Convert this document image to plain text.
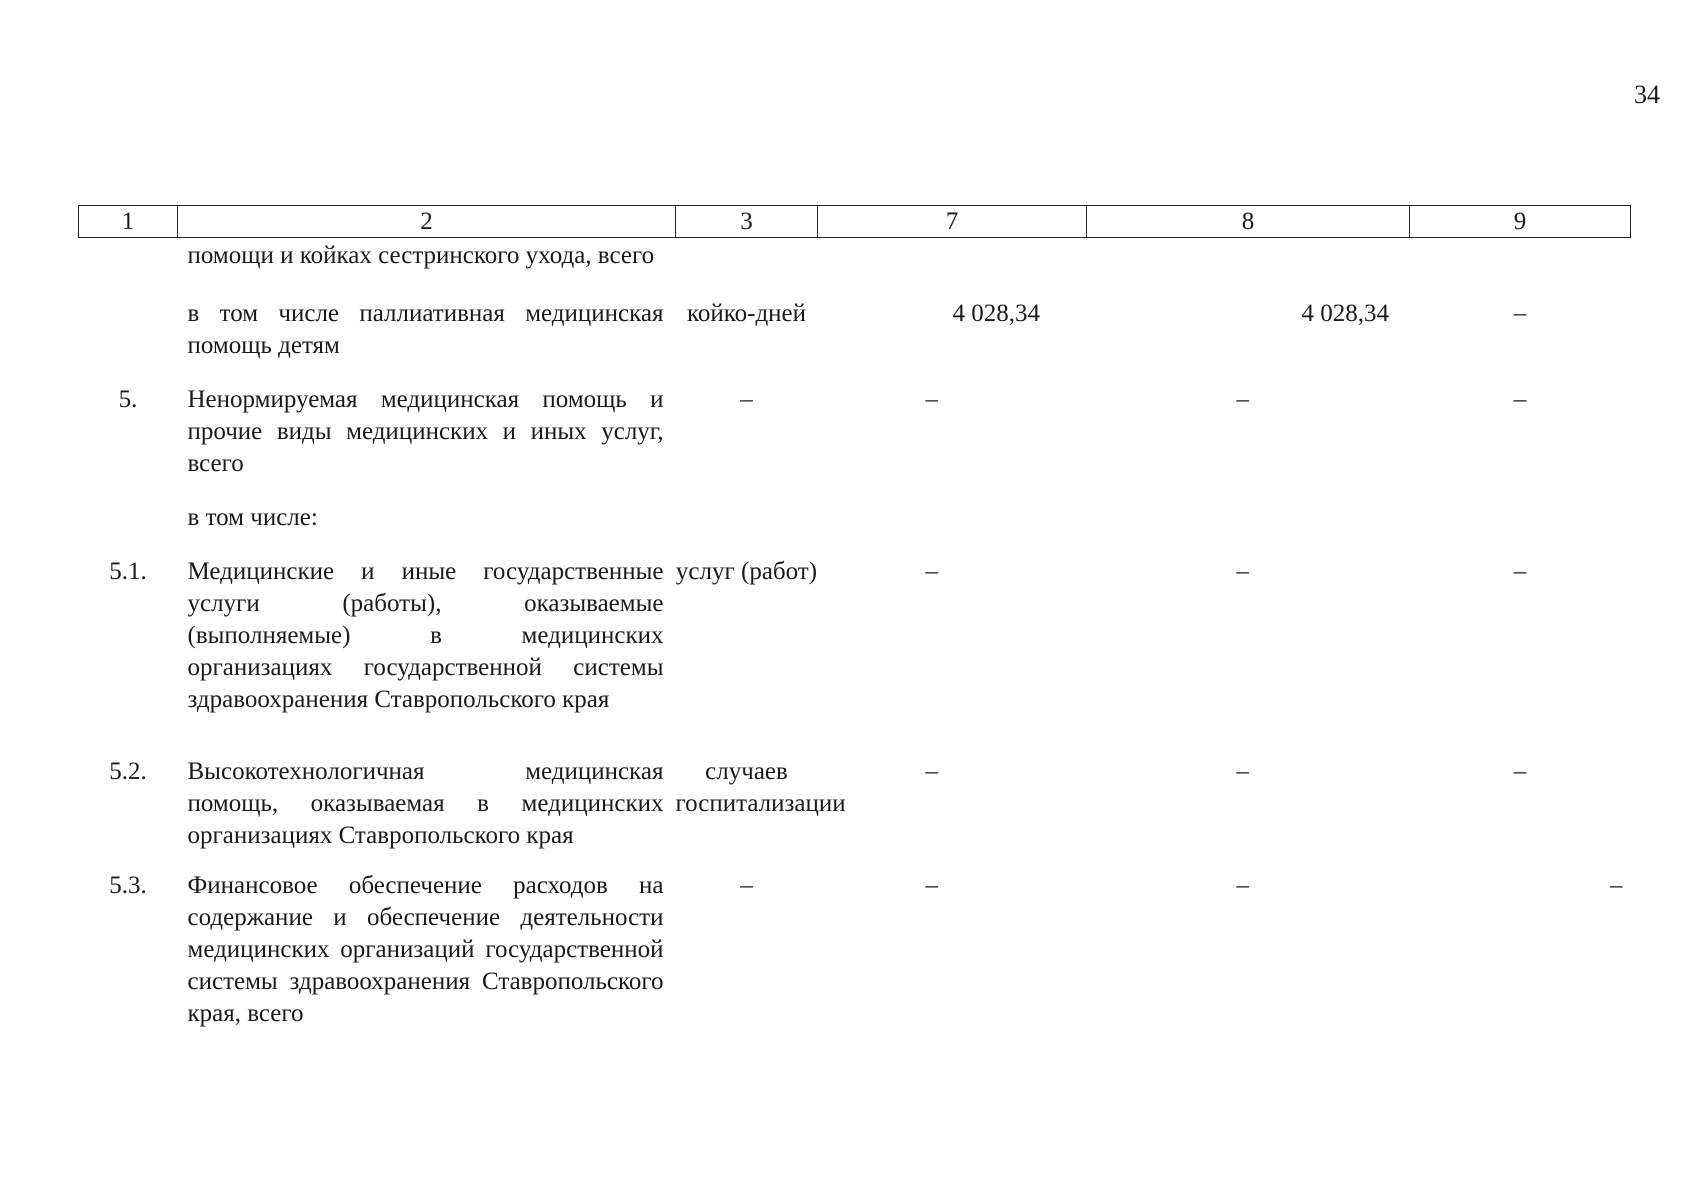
34
1	2	3	7	8	9
	помощи и койках сестринского ухода, всего				
	в том числе паллиативная медицинская помощь детям	койко-дней	4 028,34	4 028,34	–
5.	Ненормируемая медицинская помощь и прочие виды медицинских и иных услуг, всего	–	–	–	–
	в том числе:				
5.1.	Медицинские и иные государственные услуги (работы), оказываемые (выполняемые) в медицинских организациях государственной системы здравоохранения Ставропольского края	услуг (работ)	–	–	–
5.2.	Высокотехнологичная медицинская помощь, оказываемая в медицинских организациях Ставропольского края	случаев госпитализации	–	–	–
5.3.	Финансовое обеспечение расходов на содержание и обеспечение деятельности медицинских организаций государственной системы здравоохранения Ставропольского края, всего	–	–	–	–
